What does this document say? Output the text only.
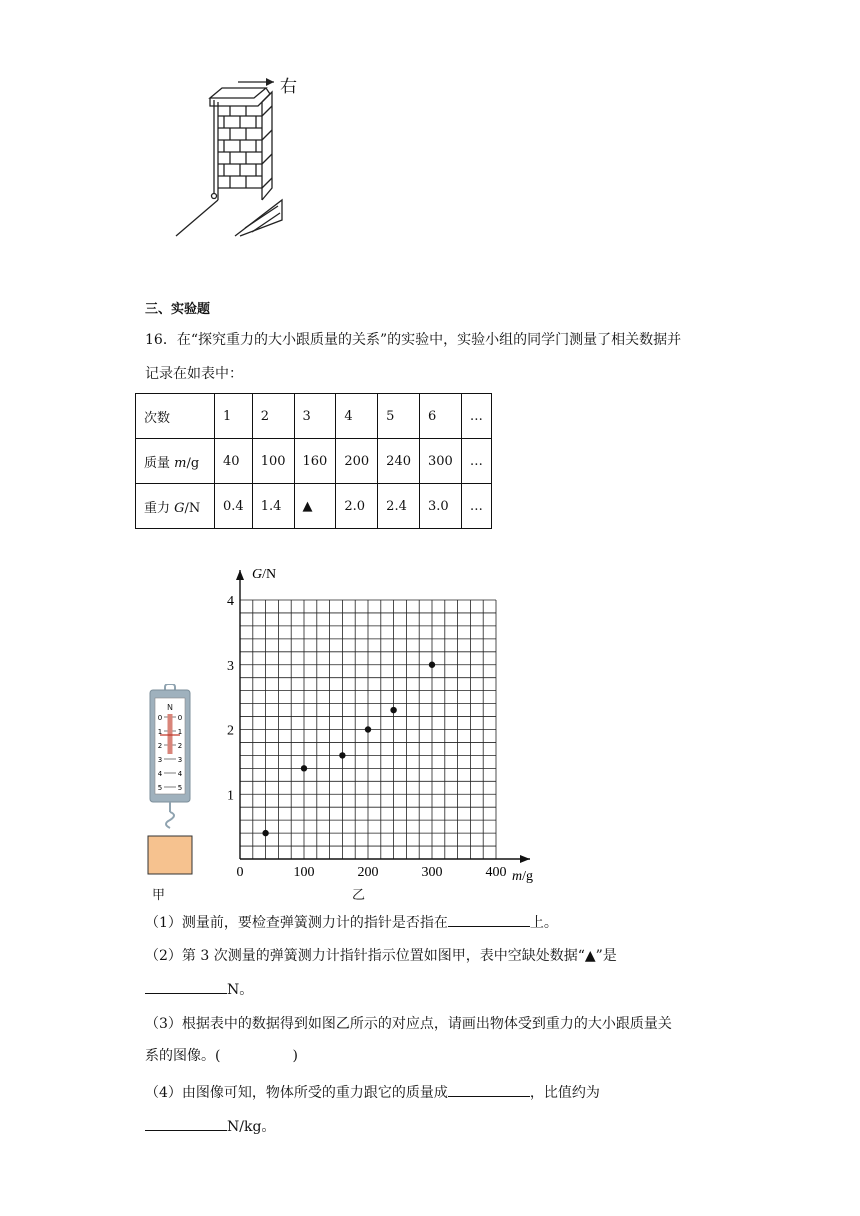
右
三、实验题
16．在“探究重力的大小跟质量的关系”的实验中，实验小组的同学门测量了相关数据并
记录在如表中：
次数	1	2	3	4	5	6	…
质量 m/g	40	100	160	200	240	300	…
重力 G/N	0.4	1.4	▲	2.0	2.4	3.0	…
N
0 0
1 1
2 2
3 3
4 4
5 5
甲
0	100	200	300	400
1
2
3
4
G/N
m/g
乙
（1）测量前，要检查弹簧测力计的指针是否指在	上。
（2）第 3 次测量的弹簧测力计指针指示位置如图甲，表中空缺处数据“▲”是
N。
（3）根据表中的数据得到如图乙所示的对应点，请画出物体受到重力的大小跟质量关
系的图像。(	)
（4）由图像可知，物体所受的重力跟它的质量成	，比值约为
N/kg。
